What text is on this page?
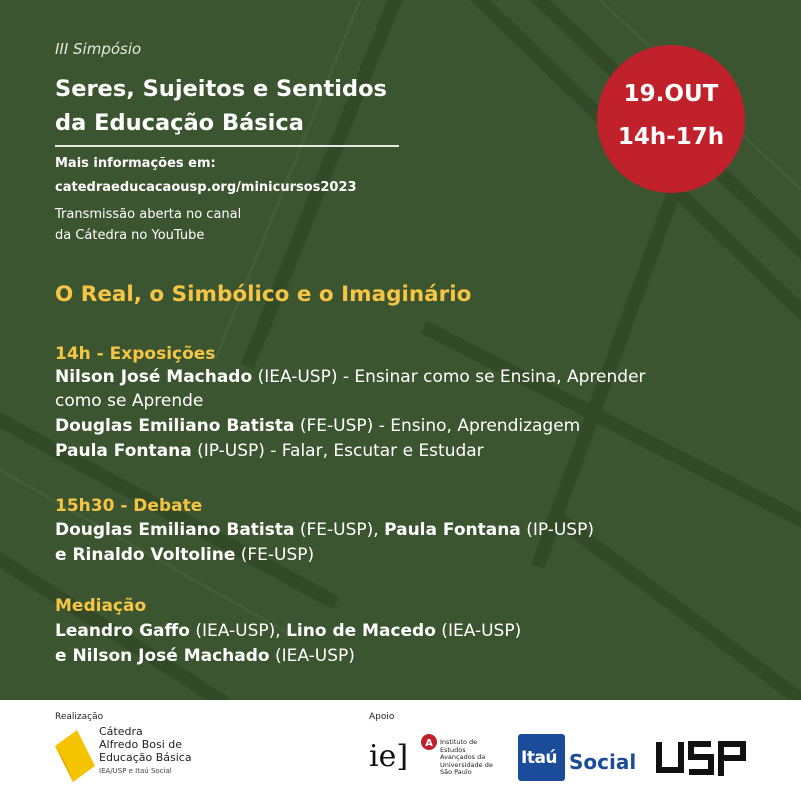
III Simpósio
Seres, Sujeitos e Sentidos
da Educação Básica
Mais informações em:
catedraeducacaousp.org/minicursos2023
Transmissão aberta no canal
da Cátedra no YouTube
19.OUT
14h-17h
O Real, o Simbólico e o Imaginário
14h - Exposições
Nilson José Machado (IEA-USP) - Ensinar como se Ensina, Aprender
como se Aprende
Douglas Emiliano Batista (FE-USP) - Ensino, Aprendizagem
Paula Fontana (IP-USP) - Falar, Escutar e Estudar
15h30 - Debate
Douglas Emiliano Batista (FE-USP), Paula Fontana (IP-USP)
e Rinaldo Voltoline (FE-USP)
Mediação
Leandro Gaffo (IEA-USP), Lino de Macedo (IEA-USP)
e Nilson José Machado (IEA-USP)
Realização
Cátedra
Alfredo Bosi de
Educação Básica
IEA/USP e Itaú Social
Apoio
ie] A Instituto de
Estudos
Avançados da
Universidade de
São Paulo
Itaú Social
